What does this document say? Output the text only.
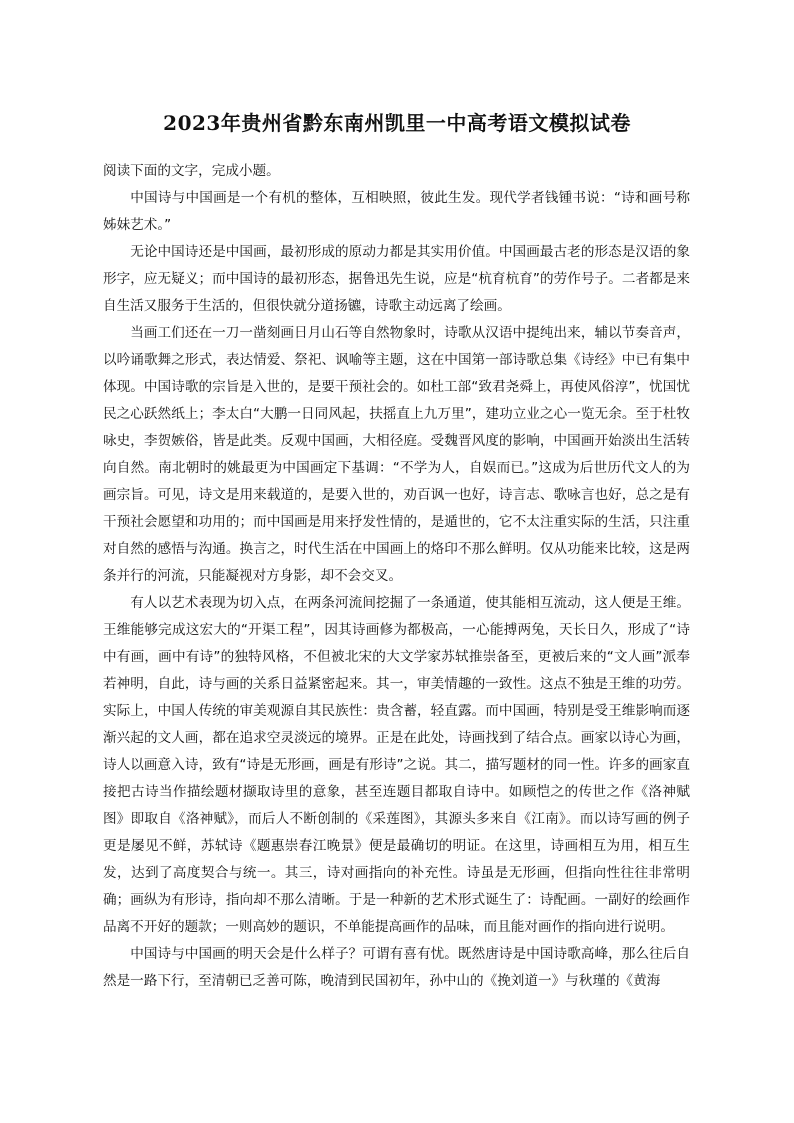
2023年贵州省黔东南州凯里一中高考语文模拟试卷

阅读下面的文字，完成小题。

中国诗与中国画是一个有机的整体，互相映照，彼此生发。现代学者钱锺书说：“诗和画号称姊妹艺术。”

无论中国诗还是中国画，最初形成的原动力都是其实用价值。中国画最古老的形态是汉语的象形字，应无疑义；而中国诗的最初形态，据鲁迅先生说，应是“杭育杭育”的劳作号子。二者都是来自生活又服务于生活的，但很快就分道扬镳，诗歌主动远离了绘画。

当画工们还在一刀一凿刻画日月山石等自然物象时，诗歌从汉语中提纯出来，辅以节奏音声，以吟诵歌舞之形式，表达情爱、祭祀、讽喻等主题，这在中国第一部诗歌总集《诗经》中已有集中体现。中国诗歌的宗旨是入世的，是要干预社会的。如杜工部“致君尧舜上，再使风俗淳”，忧国忧民之心跃然纸上；李太白“大鹏一日同风起，扶摇直上九万里”，建功立业之心一览无余。至于杜牧咏史，李贺嫉俗，皆是此类。反观中国画，大相径庭。受魏晋风度的影响，中国画开始淡出生活转向自然。南北朝时的姚最更为中国画定下基调：“不学为人，自娱而已。”这成为后世历代文人的为画宗旨。可见，诗文是用来载道的，是要入世的，劝百讽一也好，诗言志、歌咏言也好，总之是有干预社会愿望和功用的；而中国画是用来抒发性情的，是遁世的，它不太注重实际的生活，只注重对自然的感悟与沟通。换言之，时代生活在中国画上的烙印不那么鲜明。仅从功能来比较，这是两条并行的河流，只能凝视对方身影，却不会交叉。

有人以艺术表现为切入点，在两条河流间挖掘了一条通道，使其能相互流动，这人便是王维。王维能够完成这宏大的“开渠工程”，因其诗画修为都极高，一心能搏两兔，天长日久，形成了“诗中有画，画中有诗”的独特风格，不但被北宋的大文学家苏轼推崇备至，更被后来的“文人画”派奉若神明，自此，诗与画的关系日益紧密起来。其一，审美情趣的一致性。这点不独是王维的功劳。实际上，中国人传统的审美观源自其民族性：贵含蓄，轻直露。而中国画，特别是受王维影响而逐渐兴起的文人画，都在追求空灵淡远的境界。正是在此处，诗画找到了结合点。画家以诗心为画，诗人以画意入诗，致有“诗是无形画，画是有形诗”之说。其二，描写题材的同一性。许多的画家直接把古诗当作描绘题材撷取诗里的意象，甚至连题目都取自诗中。如顾恺之的传世之作《洛神赋图》即取自《洛神赋》，而后人不断创制的《采莲图》，其源头多来自《江南》。而以诗写画的例子更是屡见不鲜，苏轼诗《题惠崇春江晚景》便是最确切的明证。在这里，诗画相互为用，相互生发，达到了高度契合与统一。其三，诗对画指向的补充性。诗虽是无形画，但指向性往往非常明确；画纵为有形诗，指向却不那么清晰。于是一种新的艺术形式诞生了：诗配画。一副好的绘画作品离不开好的题款；一则高妙的题识，不单能提高画作的品味，而且能对画作的指向进行说明。

中国诗与中国画的明天会是什么样子？可谓有喜有忧。既然唐诗是中国诗歌高峰，那么往后自然是一路下行，至清朝已乏善可陈，晚清到民国初年，孙中山的《挽刘道一》与秋瑾的《黄海
